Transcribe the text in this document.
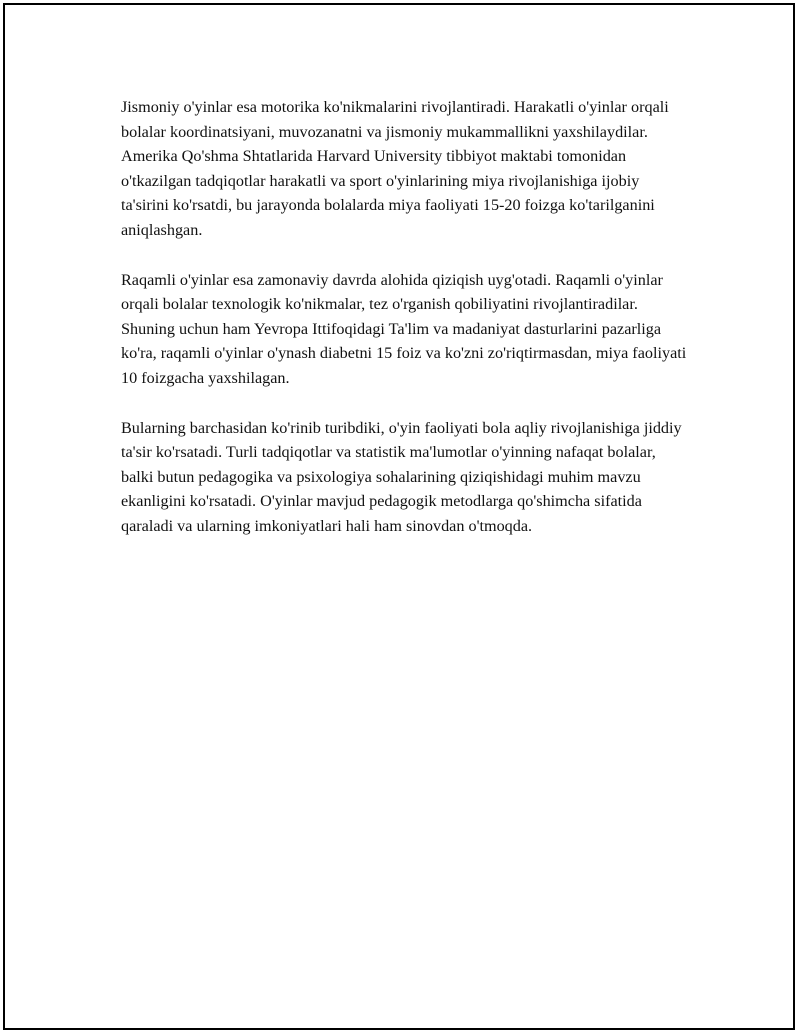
Jismoniy o'yinlar esa motorika ko'nikmalarini rivojlantiradi. Harakatli o'yinlar orqali bolalar koordinatsiyani, muvozanatni va jismoniy mukammallikni yaxshilaydilar. Amerika Qo'shma Shtatlarida Harvard University tibbiyot maktabi tomonidan o'tkazilgan tadqiqotlar harakatli va sport o'yinlarining miya rivojlanishiga ijobiy ta'sirini ko'rsatdi, bu jarayonda bolalarda miya faoliyati 15-20 foizga ko'tarilganini aniqlashgan.

Raqamli o'yinlar esa zamonaviy davrda alohida qiziqish uyg'otadi. Raqamli o'yinlar orqali bolalar texnologik ko'nikmalar, tez o'rganish qobiliyatini rivojlantiradilar. Shuning uchun ham Yevropa Ittifoqidagi Ta'lim va madaniyat dasturlarini pazarliga ko'ra, raqamli o'yinlar o'ynash diabetni 15 foiz va ko'zni zo'riqtirmasdan, miya faoliyati 10 foizgacha yaxshilagan.

Bularning barchasidan ko'rinib turibdiki, o'yin faoliyati bola aqliy rivojlanishiga jiddiy ta'sir ko'rsatadi. Turli tadqiqotlar va statistik ma'lumotlar o'yinning nafaqat bolalar, balki butun pedagogika va psixologiya sohalarining qiziqishidagi muhim mavzu ekanligini ko'rsatadi. O'yinlar mavjud pedagogik metodlarga qo'shimcha sifatida qaraladi va ularning imkoniyatlari hali ham sinovdan o'tmoqda.
